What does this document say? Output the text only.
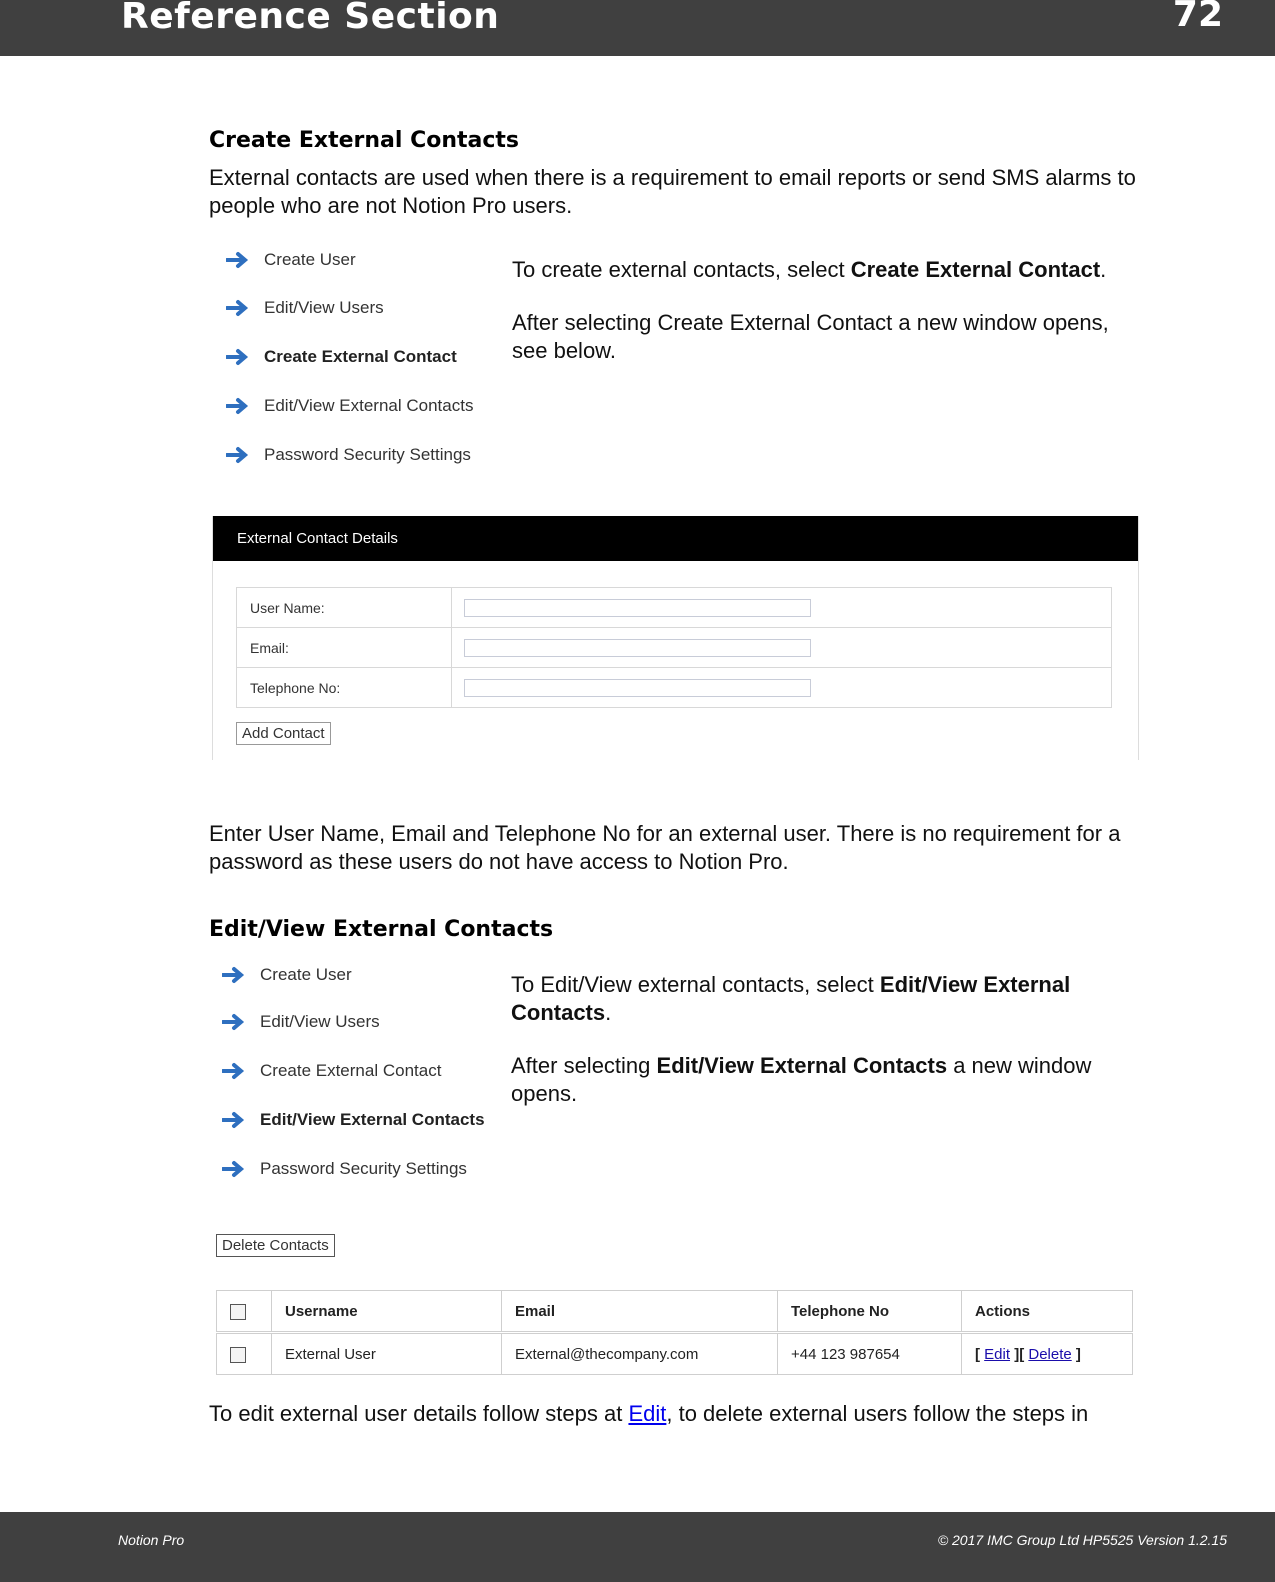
Reference Section	72
Create External Contacts
External contacts are used when there is a requirement to email reports or send SMS alarms to people who are not Notion Pro users.
Create User
Edit/View Users
Create External Contact
Edit/View External Contacts
Password Security Settings

To create external contacts, select Create External Contact.

After selecting Create External Contact a new window opens, see below.

External Contact Details
User Name:	

Email:	

Telephone No:	
Add Contact
Enter User Name, Email and Telephone No for an external user. There is no requirement for a password as these users do not have access to Notion Pro.
Edit/View External Contacts
Create User
Edit/View Users
Create External Contact
Edit/View External Contacts
Password Security Settings

To Edit/View external contacts, select Edit/View External Contacts.

After selecting Edit/View External Contacts a new window opens.

Delete Contacts
	Username	Email	Telephone No	Actions
	External User	External@thecompany.com	+44 123 987654	[ Edit ][ Delete ]
To edit external user details follow steps at Edit, to delete external users follow the steps in
Notion Pro	© 2017 IMC Group Ltd HP5525 Version 1.2.15
